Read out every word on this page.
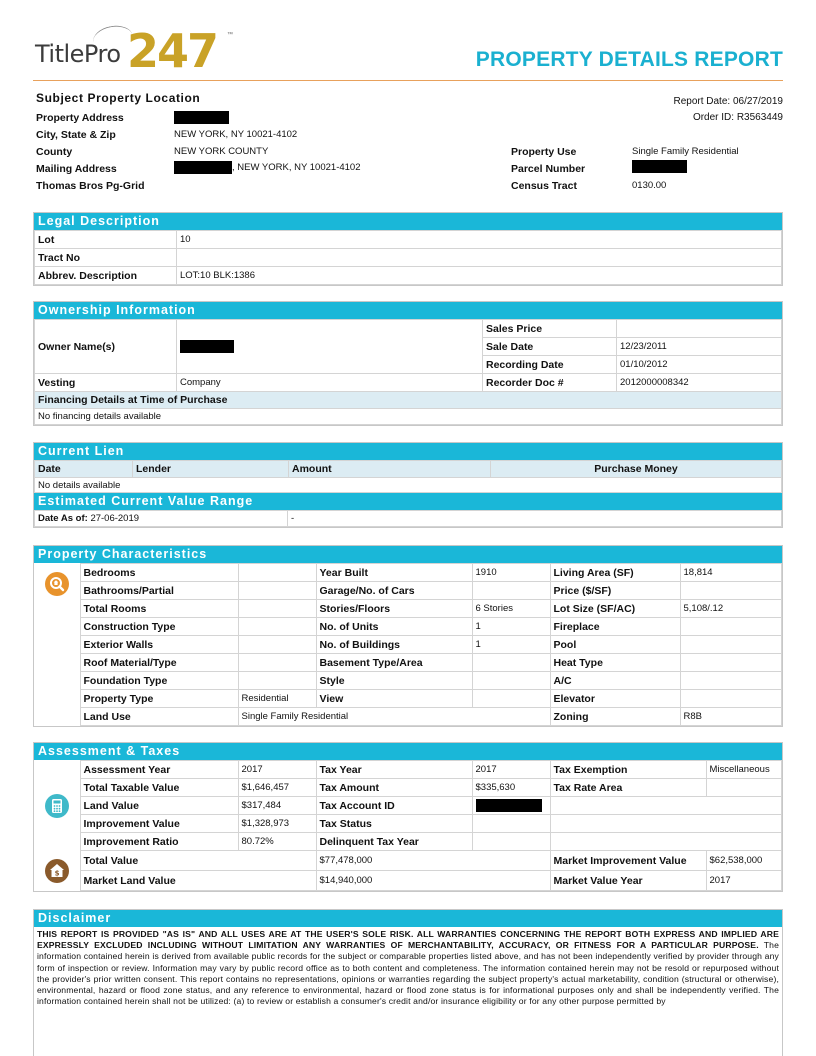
TitlePro 247 ™
PROPERTY DETAILS REPORT
Subject Property Location	Report Date: 06/27/2019
Order ID: R3563449
Property Address
City, State & Zip	NEW YORK, NY 10021-4102
County	NEW YORK COUNTY
Mailing Address	, NEW YORK, NY 10021-4102
Thomas Bros Pg-Grid
Property Use	Single Family Residential
Parcel Number
Census Tract	0130.00
Legal Description
Lot	10
Tract No	
Abbrev. Description	LOT:10 BLK:1386
Ownership Information
Owner Name(s)		Sales Price	
		Sale Date	12/23/2011
		Recording Date	01/10/2012
Vesting	Company	Recorder Doc #	2012000008342
Financing Details at Time of Purchase			
No financing details available			
Current Lien
Date	Lender	Amount	Purchase Money
No details available
Estimated Current Value Range
Date As of: 27-06-2019	-
Property Characteristics
	Bedrooms		Year Built	1910	Living Area (SF)	18,814
	Bathrooms/Partial		Garage/No. of Cars		Price ($/SF)	
	Total Rooms		Stories/Floors	6 Stories	Lot Size (SF/AC)	5,108/.12
	Construction Type		No. of Units	1	Fireplace	
	Exterior Walls		No. of Buildings	1	Pool	
	Roof Material/Type		Basement Type/Area		Heat Type	
	Foundation Type		Style		A/C	
	Property Type	Residential	View		Elevator	
	Land Use	Single Family Residential			Zoning	R8B
Assessment & Taxes
	Assessment Year	2017	Tax Year	2017	Tax Exemption	Miscellaneous
	Total Taxable Value	$1,646,457	Tax Amount	$335,630	Tax Rate Area	
	Land Value	$317,484	Tax Account ID			
	Improvement Value	$1,328,973	Tax Status			
	Improvement Ratio	80.72%	Delinquent Tax Year			

$	Total Value		$77,478,000		Market Improvement Value	$62,538,000
	Market Land Value		$14,940,000		Market Value Year	2017
Disclaimer
THIS REPORT IS PROVIDED "AS IS" AND ALL USES ARE AT THE USER'S SOLE RISK. ALL WARRANTIES CONCERNING THE REPORT BOTH EXPRESS AND IMPLIED ARE EXPRESSLY EXCLUDED INCLUDING WITHOUT LIMITATION ANY WARRANTIES OF MERCHANTABILITY, ACCURACY, OR FITNESS FOR A PARTICULAR PURPOSE. The information contained herein is derived from available public records for the subject or comparable properties listed above, and has not been independently verified by provider through any form of inspection or review. Information may vary by public record office as to both content and completeness. The information contained herein may not be resold or repurposed without the provider's prior written consent. This report contains no representations, opinions or warranties regarding the subject property's actual marketability, condition (structural or otherwise), environmental, hazard or flood zone status, and any reference to environmental, hazard or flood zone status is for informational purposes only and shall be independently verified. The information contained herein shall not be utilized: (a) to review or establish a consumer's credit and/or insurance eligibility or for any other purpose permitted by
